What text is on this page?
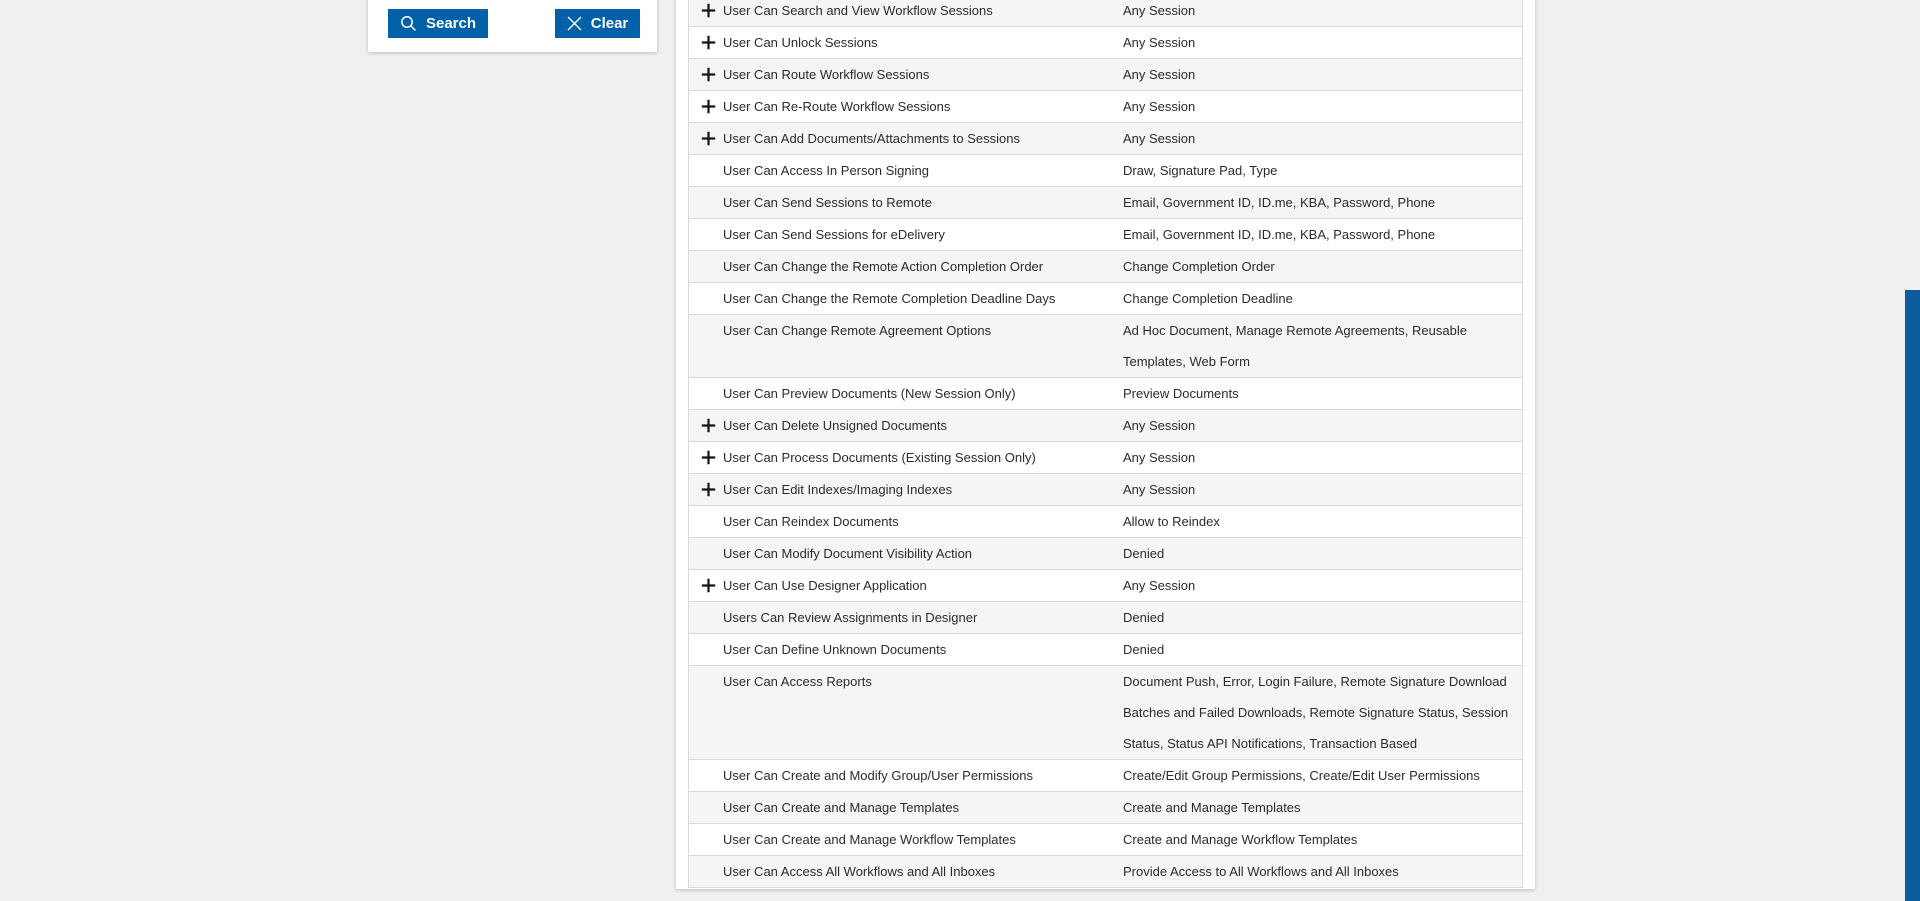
Search	Clear
User Can Search and View Workflow Sessions	Any Session
User Can Unlock Sessions	Any Session
User Can Route Workflow Sessions	Any Session
User Can Re-Route Workflow Sessions	Any Session
User Can Add Documents/Attachments to Sessions	Any Session
User Can Access In Person Signing	Draw, Signature Pad, Type
User Can Send Sessions to Remote	Email, Government ID, ID.me, KBA, Password, Phone
User Can Send Sessions for eDelivery	Email, Government ID, ID.me, KBA, Password, Phone
User Can Change the Remote Action Completion Order	Change Completion Order
User Can Change the Remote Completion Deadline Days	Change Completion Deadline
User Can Change Remote Agreement Options	Ad Hoc Document, Manage Remote Agreements, Reusable
Templates, Web Form
User Can Preview Documents (New Session Only)	Preview Documents
User Can Delete Unsigned Documents	Any Session
User Can Process Documents (Existing Session Only)	Any Session
User Can Edit Indexes/Imaging Indexes	Any Session
User Can Reindex Documents	Allow to Reindex
User Can Modify Document Visibility Action	Denied
User Can Use Designer Application	Any Session
Users Can Review Assignments in Designer	Denied
User Can Define Unknown Documents	Denied
User Can Access Reports	Document Push, Error, Login Failure, Remote Signature Download
Batches and Failed Downloads, Remote Signature Status, Session
Status, Status API Notifications, Transaction Based
User Can Create and Modify Group/User Permissions	Create/Edit Group Permissions, Create/Edit User Permissions
User Can Create and Manage Templates	Create and Manage Templates
User Can Create and Manage Workflow Templates	Create and Manage Workflow Templates
User Can Access All Workflows and All Inboxes	Provide Access to All Workflows and All Inboxes
